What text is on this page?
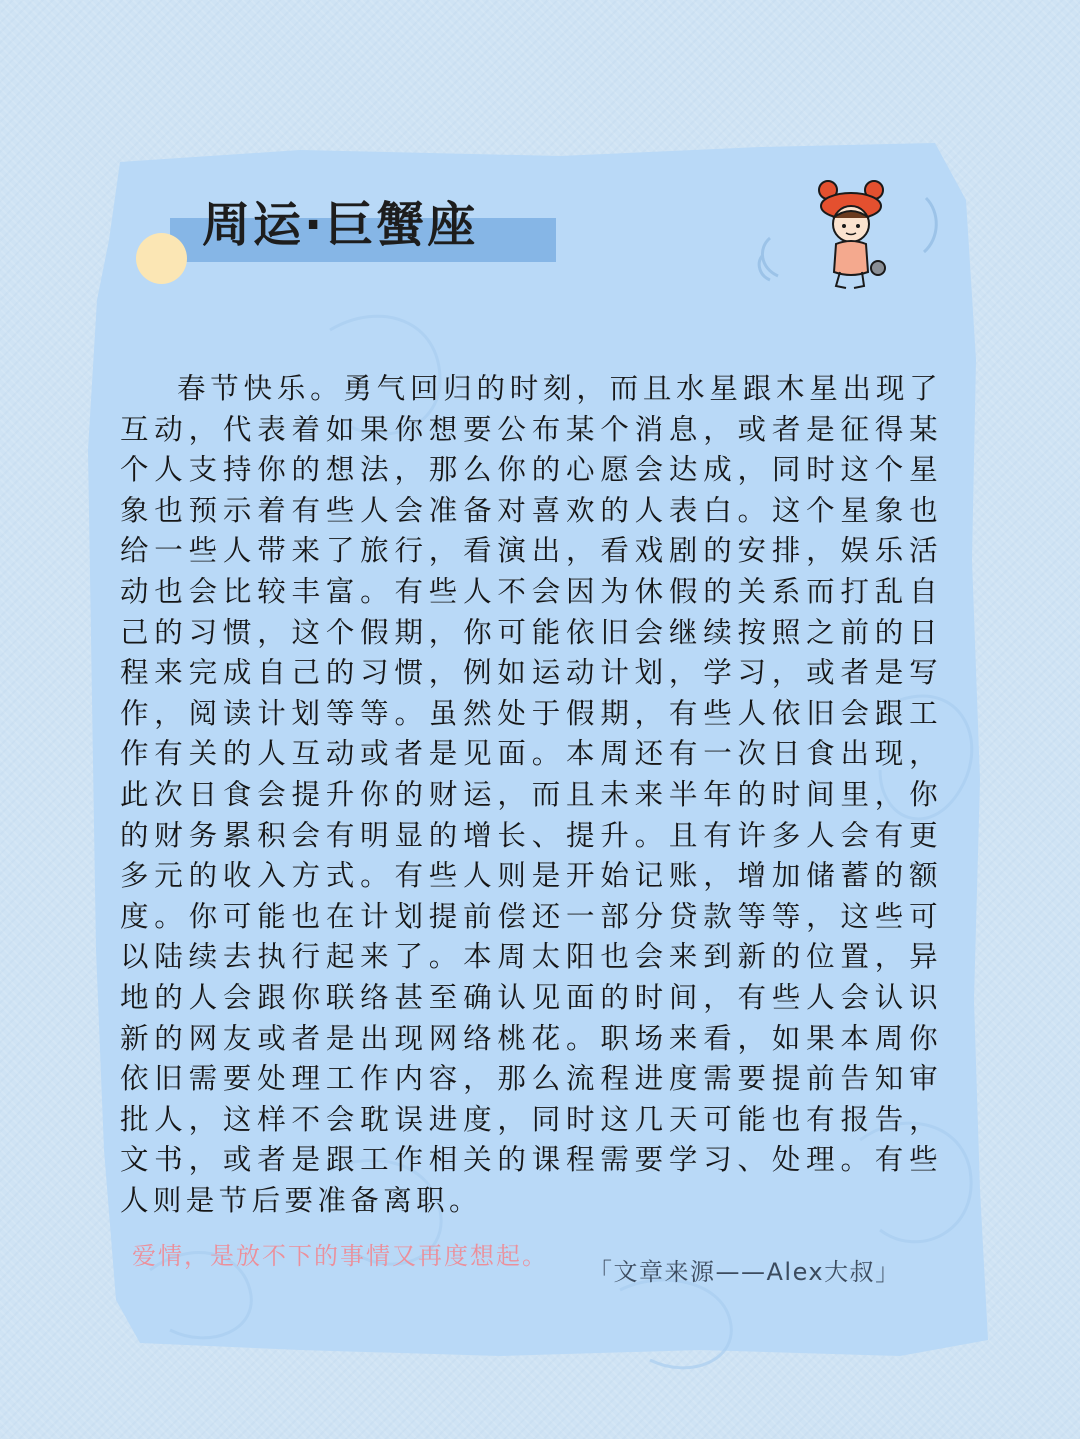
周运·巨蟹座

春节快乐。勇气回归的时刻，而且水星跟木星出现了互动，代表着如果你想要公布某个消息，或者是征得某个人支持你的想法，那么你的心愿会达成，同时这个星象也预示着有些人会准备对喜欢的人表白。这个星象也给一些人带来了旅行，看演出，看戏剧的安排，娱乐活动也会比较丰富。有些人不会因为休假的关系而打乱自己的习惯，这个假期，你可能依旧会继续按照之前的日程来完成自己的习惯，例如运动计划，学习，或者是写作，阅读计划等等。虽然处于假期，有些人依旧会跟工作有关的人互动或者是见面。本周还有一次日食出现，此次日食会提升你的财运，而且未来半年的时间里，你的财务累积会有明显的增长、提升。且有许多人会有更多元的收入方式。有些人则是开始记账，增加储蓄的额度。你可能也在计划提前偿还一部分贷款等等，这些可以陆续去执行起来了。本周太阳也会来到新的位置，异地的人会跟你联络甚至确认见面的时间，有些人会认识新的网友或者是出现网络桃花。职场来看，如果本周你依旧需要处理工作内容，那么流程进度需要提前告知审批人，这样不会耽误进度，同时这几天可能也有报告，文书，或者是跟工作相关的课程需要学习、处理。有些人则是节后要准备离职。

爱情，是放不下的事情又再度想起。
「文章来源——Alex大叔」
